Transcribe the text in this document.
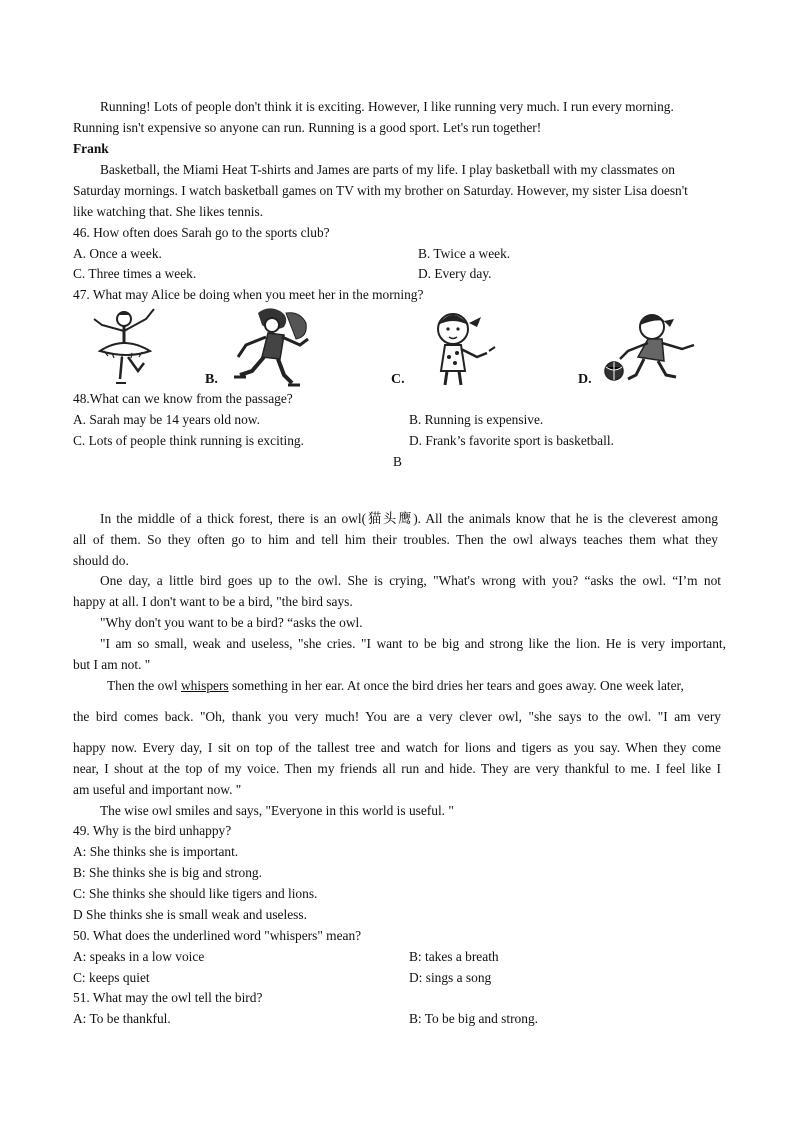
Running! Lots of people don't think it is exciting. However, I like running very much. I run every morning.
Running isn't expensive so anyone can run. Running is a good sport. Let's run together!
Frank
Basketball, the Miami Heat T-shirts and James are parts of my life. I play basketball with my classmates on
Saturday mornings. I watch basketball games on TV with my brother on Saturday. However, my sister Lisa doesn't
like watching that. She likes tennis.
46. How often does Sarah go to the sports club?
A. Once a week.	B. Twice a week.
C. Three times a week.	D. Every day.
47. What may Alice be doing when you meet her in the morning?
B.	C.	D.
48.What can we know from the passage?
A. Sarah may be 14 years old now.	B. Running is expensive.
C. Lots of people think running is exciting.	D. Frank’s favorite sport is basketball.
B
In the middle of a thick forest, there is an owl(猫头鹰). All the animals know that he is the cleverest among
all of them. So they often go to him and tell him their troubles. Then the owl always teaches them what they
should do.
One day, a little bird goes up to the owl. She is crying, "What's wrong with you? “asks the owl. “I’m not
happy at all. I don't want to be a bird, "the bird says.
"Why don't you want to be a bird? “asks the owl.
"I am so small, weak and useless, "she cries. "I want to be big and strong like the lion. He is very important,
but I am not. "
Then the owl whispers something in her ear. At once the bird dries her tears and goes away. One week later,
the bird comes back. "Oh, thank you very much! You are a very clever owl, "she says to the owl. "I am very
happy now. Every day, I sit on top of the tallest tree and watch for lions and tigers as you say. When they come
near, I shout at the top of my voice. Then my friends all run and hide. They are very thankful to me. I feel like I
am useful and important now. "
The wise owl smiles and says, "Everyone in this world is useful. "
49. Why is the bird unhappy?
A: She thinks she is important.
B: She thinks she is big and strong.
C: She thinks she should like tigers and lions.
D She thinks she is small weak and useless.
50. What does the underlined word "whispers" mean?
A: speaks in a low voice	B: takes a breath
C: keeps quiet	D: sings a song
51. What may the owl tell the bird?
A: To be thankful.	B: To be big and strong.
